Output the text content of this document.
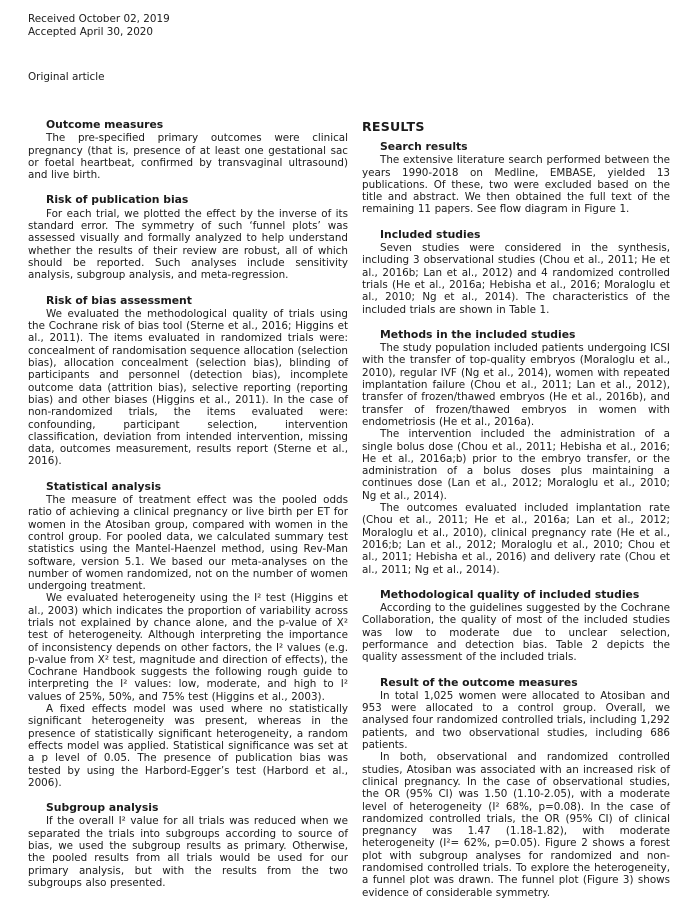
Received October 02, 2019
Accepted April 30, 2020
Original article
Outcome measures

The pre-specified primary outcomes were clinical pregnancy (that is, presence of at least one gestational sac or foetal heartbeat, confirmed by transvaginal ultrasound) and live birth.

Risk of publication bias

For each trial, we plotted the effect by the inverse of its standard error. The symmetry of such ‘funnel plots’ was assessed visually and formally analyzed to help understand whether the results of their review are robust, all of which should be reported. Such analyses include sensitivity analysis, subgroup analysis, and meta-regression.

Risk of bias assessment

We evaluated the methodological quality of trials using the Cochrane risk of bias tool (Sterne et al., 2016; Higgins et al., 2011). The items evaluated in randomized trials were: concealment of randomisation sequence allocation (selection bias), allocation concealment (selection bias), blinding of participants and personnel (detection bias), incomplete outcome data (attrition bias), selective reporting (reporting bias) and other biases (Higgins et al., 2011). In the case of non-randomized trials, the items evaluated were: confounding, participant selection, intervention classification, deviation from intended intervention, missing data, outcomes measurement, results report (Sterne et al., 2016).

Statistical analysis

The measure of treatment effect was the pooled odds ratio of achieving a clinical pregnancy or live birth per ET for women in the Atosiban group, compared with women in the control group. For pooled data, we calculated summary test statistics using the Mantel-Haenzel method, using Rev-Man software, version 5.1. We based our meta-analyses on the number of women randomized, not on the number of women undergoing treatment.

We evaluated heterogeneity using the I² test (Higgins et al., 2003) which indicates the proportion of variability across trials not explained by chance alone, and the p-value of X² test of heterogeneity. Although interpreting the importance of inconsistency depends on other factors, the I² values (e.g. p-value from X² test, magnitude and direction of effects), the Cochrane Handbook suggests the following rough guide to interpreting the I² values: low, moderate, and high to I² values of 25%, 50%, and 75% test (Higgins et al., 2003).

A fixed effects model was used where no statistically significant heterogeneity was present, whereas in the presence of statistically significant heterogeneity, a random effects model was applied. Statistical significance was set at a p level of 0.05. The presence of publication bias was tested by using the Harbord-Egger’s test (Harbord et al., 2006).

Subgroup analysis

If the overall I² value for all trials was reduced when we separated the trials into subgroups according to source of bias, we used the subgroup results as primary. Otherwise, the pooled results from all trials would be used for our primary analysis, but with the results from the two subgroups also presented.

RESULTS
Search results

The extensive literature search performed between the years 1990-2018 on Medline, EMBASE, yielded 13 publications. Of these, two were excluded based on the title and abstract. We then obtained the full text of the remaining 11 papers. See flow diagram in Figure 1.

Included studies

Seven studies were considered in the synthesis, including 3 observational studies (Chou et al., 2011; He et al., 2016b; Lan et al., 2012) and 4 randomized controlled trials (He et al., 2016a; Hebisha et al., 2016; Moraloglu et al., 2010; Ng et al., 2014). The characteristics of the included trials are shown in Table 1.

Methods in the included studies

The study population included patients undergoing ICSI with the transfer of top-quality embryos (Moraloglu et al., 2010), regular IVF (Ng et al., 2014), women with repeated implantation failure (Chou et al., 2011; Lan et al., 2012), transfer of frozen/thawed embryos (He et al., 2016b), and transfer of frozen/thawed embryos in women with endometriosis (He et al., 2016a).

The intervention included the administration of a single bolus dose (Chou et al., 2011; Hebisha et al., 2016; He et al., 2016a;b) prior to the embryo transfer, or the administration of a bolus doses plus maintaining a continues dose (Lan et al., 2012; Moraloglu et al., 2010; Ng et al., 2014).

The outcomes evaluated included implantation rate (Chou et al., 2011; He et al., 2016a; Lan et al., 2012; Moraloglu et al., 2010), clinical pregnancy rate (He et al., 2016;b; Lan et al., 2012; Moraloglu et al., 2010; Chou et al., 2011; Hebisha et al., 2016) and delivery rate (Chou et al., 2011; Ng et al., 2014).

Methodological quality of included studies

According to the guidelines suggested by the Cochrane Collaboration, the quality of most of the included studies was low to moderate due to unclear selection, performance and detection bias. Table 2 depicts the quality assessment of the included trials.

Result of the outcome measures

In total 1,025 women were allocated to Atosiban and 953 were allocated to a control group. Overall, we analysed four randomized controlled trials, including 1,292 patients, and two observational studies, including 686 patients.

In both, observational and randomized controlled studies, Atosiban was associated with an increased risk of clinical pregnancy. In the case of observational studies, the OR (95% CI) was 1.50 (1.10-2.05), with a moderate level of heterogeneity (I² 68%, p=0.08). In the case of randomized controlled trials, the OR (95% CI) of clinical pregnancy was 1.47 (1.18-1.82), with moderate heterogeneity (I²= 62%, p=0.05). Figure 2 shows a forest plot with subgroup analyses for randomized and non-randomised controlled trials. To explore the heterogeneity, a funnel plot was drawn. The funnel plot (Figure 3) shows evidence of considerable symmetry.
